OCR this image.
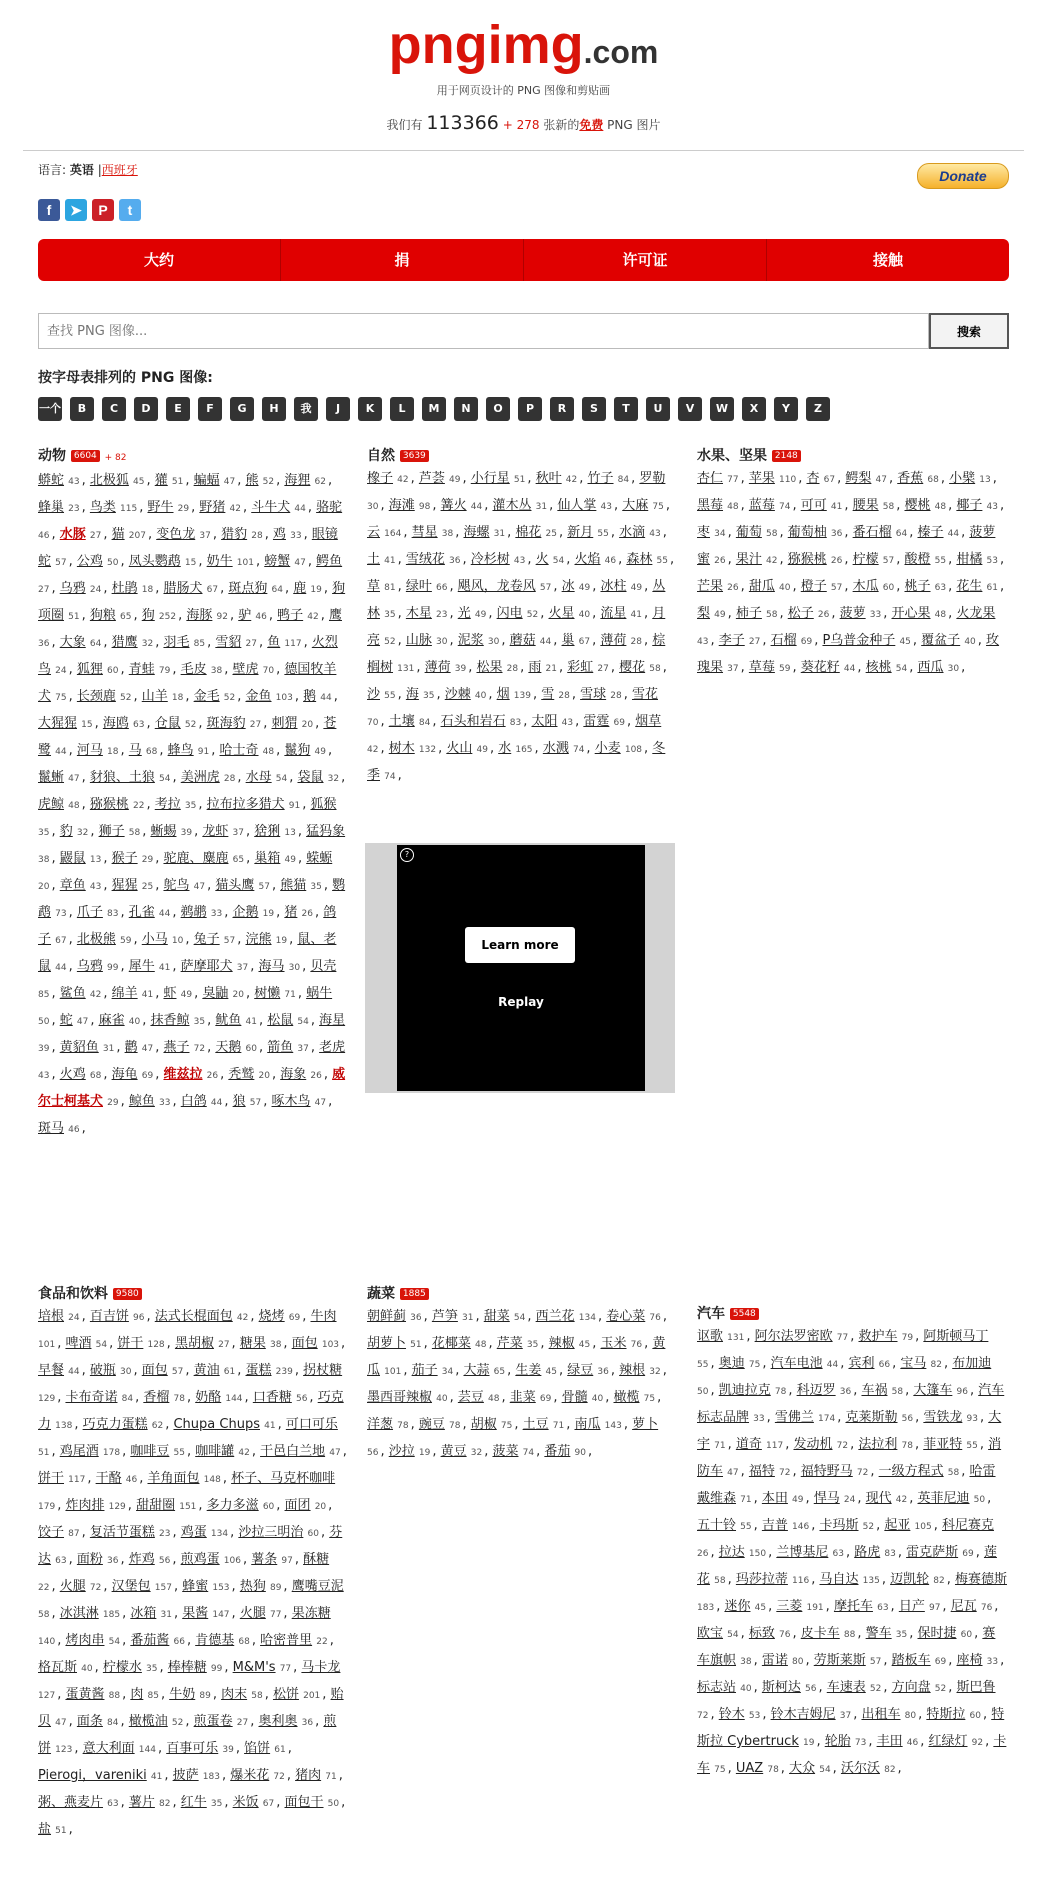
pngimg.com
用于网页设计的 PNG 图像和剪贴画
我们有 113366 + 278 张新的免费 PNG 图片
语言: 英语 |西班牙	Donate
f	➤	P	t
大约	捐	许可证	接触
查找 PNG 图像...
搜索
按字母表排列的 PNG 图像:
一个	B	C	D	E	F	G	H	我	J	K	L	M	N	O	P	R	S	T	U	V	W	X	Y	Z
动物 6604 + 82
蟒蛇 43 , 北极狐 45 , 獾 51 , 蝙蝠 47 , 熊 52 , 海狸 62 , 蜂巢 23 , 鸟类 115 , 野牛 29 , 野猪 42 , 斗牛犬 44 , 骆驼 46 , 水豚 27 , 猫 207 , 变色龙 37 , 猎豹 28 , 鸡 33 , 眼镜蛇 57 , 公鸡 50 , 凤头鹦鹉 15 , 奶牛 101 , 螃蟹 47 , 鳄鱼 27 , 乌鸦 24 , 杜鹃 18 , 腊肠犬 67 , 斑点狗 64 , 鹿 19 , 狗项圈 51 , 狗粮 65 , 狗 252 , 海豚 92 , 驴 46 , 鸭子 42 , 鹰 36 , 大象 64 , 猎鹰 32 , 羽毛 85 , 雪貂 27 , 鱼 117 , 火烈鸟 24 , 狐狸 60 , 青蛙 79 , 毛皮 38 , 壁虎 70 , 德国牧羊犬 75 , 长颈鹿 52 , 山羊 18 , 金毛 52 , 金鱼 103 , 鹅 44 , 大猩猩 15 , 海鸥 63 , 仓鼠 52 , 斑海豹 27 , 刺猬 20 , 苍鹭 44 , 河马 18 , 马 68 , 蜂鸟 91 , 哈士奇 48 , 鬣狗 49 , 鬣蜥 47 , 豺狼、土狼 54 , 美洲虎 28 , 水母 54 , 袋鼠 32 , 虎鲸 48 , 猕猴桃 22 , 考拉 35 , 拉布拉多猎犬 91 , 狐猴 35 , 豹 32 , 狮子 58 , 蜥蜴 39 , 龙虾 37 , 猞猁 13 , 猛犸象 38 , 鼹鼠 13 , 猴子 29 , 驼鹿、麋鹿 65 , 巢箱 49 , 蝾螈 20 , 章鱼 43 , 猩猩 25 , 鸵鸟 47 , 猫头鹰 57 , 熊猫 35 , 鹦鹉 73 , 爪子 83 , 孔雀 44 , 鹈鹕 33 , 企鹅 19 , 猪 26 , 鸽子 67 , 北极熊 59 , 小马 10 , 兔子 57 , 浣熊 19 , 鼠、老鼠 44 , 乌鸦 99 , 犀牛 41 , 萨摩耶犬 37 , 海马 30 , 贝壳 85 , 鲨鱼 42 , 绵羊 41 , 虾 49 , 臭鼬 20 , 树懒 71 , 蜗牛 50 , 蛇 47 , 麻雀 40 , 抹香鲸 35 , 鱿鱼 41 , 松鼠 54 , 海星 39 , 黄貂鱼 31 , 鹳 47 , 燕子 72 , 天鹅 60 , 箭鱼 37 , 老虎 43 , 火鸡 68 , 海龟 69 , 维兹拉 26 , 秃鹫 20 , 海象 26 , 威尔士柯基犬 29 , 鲸鱼 33 , 白鸽 44 , 狼 57 , 啄木鸟 47 , 斑马 46 ,
自然 3639
橡子 42 , 芦荟 49 , 小行星 51 , 秋叶 42 , 竹子 84 , 罗勒 30 , 海滩 98 , 篝火 44 , 灌木丛 31 , 仙人掌 43 , 大麻 75 , 云 164 , 彗星 38 , 海螺 31 , 棉花 25 , 新月 55 , 水滴 43 , 土 41 , 雪绒花 36 , 冷杉树 43 , 火 54 , 火焰 46 , 森林 55 , 草 81 , 绿叶 66 , 飓风，龙卷风 57 , 冰 49 , 冰柱 49 , 丛林 35 , 木星 23 , 光 49 , 闪电 52 , 火星 40 , 流星 41 , 月亮 52 , 山脉 30 , 泥浆 30 , 蘑菇 44 , 巢 67 , 薄荷 28 , 棕榈树 131 , 薄荷 39 , 松果 28 , 雨 21 , 彩虹 27 , 樱花 58 , 沙 55 , 海 35 , 沙棘 40 , 烟 139 , 雪 28 , 雪球 28 , 雪花 70 , 土壤 84 , 石头和岩石 83 , 太阳 43 , 雷霆 69 , 烟草 42 , 树木 132 , 火山 49 , 水 165 , 水溅 74 , 小麦 108 , 冬季 74 ,
水果、坚果 2148
杏仁 77 , 苹果 110 , 杏 67 , 鳄梨 47 , 香蕉 68 , 小檗 13 , 黑莓 48 , 蓝莓 74 , 可可 41 , 腰果 58 , 樱桃 48 , 椰子 43 , 枣 34 , 葡萄 58 , 葡萄柚 36 , 番石榴 64 , 榛子 44 , 菠萝蜜 26 , 果汁 42 , 猕猴桃 26 , 柠檬 57 , 酸橙 55 , 柑橘 53 , 芒果 26 , 甜瓜 40 , 橙子 57 , 木瓜 60 , 桃子 63 , 花生 61 , 梨 49 , 柿子 58 , 松子 26 , 菠萝 33 , 开心果 48 , 火龙果 43 , 李子 27 , 石榴 69 , P乌普金种子 45 , 覆盆子 40 , 玫瑰果 37 , 草莓 59 , 葵花籽 44 , 核桃 54 , 西瓜 30 ,
食品和饮料 9580
培根 24 , 百吉饼 96 , 法式长棍面包 42 , 烧烤 69 , 牛肉 101 , 啤酒 54 , 饼干 128 , 黑胡椒 27 , 糖果 38 , 面包 103 , 早餐 44 , 破瓶 30 , 面包 57 , 黄油 61 , 蛋糕 239 , 拐杖糖 129 , 卡布奇诺 84 , 香榴 78 , 奶酪 144 , 口香糖 56 , 巧克力 138 , 巧克力蛋糕 62 , Chupa Chups 41 , 可口可乐 51 , 鸡尾酒 178 , 咖啡豆 55 , 咖啡罐 42 , 干邑白兰地 47 , 饼干 117 , 干酪 46 , 羊角面包 148 , 杯子、马克杯咖啡 179 , 炸肉排 129 , 甜甜圈 151 , 多力多滋 60 , 面团 20 , 饺子 87 , 复活节蛋糕 23 , 鸡蛋 134 , 沙拉三明治 60 , 芬达 63 , 面粉 36 , 炸鸡 56 , 煎鸡蛋 106 , 薯条 97 , 酥糖 22 , 火腿 72 , 汉堡包 157 , 蜂蜜 153 , 热狗 89 , 鹰嘴豆泥 58 , 冰淇淋 185 , 冰箱 31 , 果酱 147 , 火腿 77 , 果冻糖 140 , 烤肉串 54 , 番茄酱 66 , 肯德基 68 , 哈密普里 22 , 格瓦斯 40 , 柠檬水 35 , 棒棒糖 99 , M&M's 77 , 马卡龙 127 , 蛋黄酱 88 , 肉 85 , 牛奶 89 , 肉末 58 , 松饼 201 , 贻贝 47 , 面条 84 , 橄榄油 52 , 煎蛋卷 27 , 奥利奥 36 , 煎饼 123 , 意大利面 144 , 百事可乐 39 , 馅饼 61 , Pierogi，vareniki 41 , 披萨 183 , 爆米花 72 , 猪肉 71 , 粥、燕麦片 63 , 薯片 82 , 红牛 35 , 米饭 67 , 面包干 50 , 盐 51 ,
蔬菜 1885
朝鲜蓟 36 , 芦笋 31 , 甜菜 54 , 西兰花 134 , 卷心菜 76 , 胡萝卜 51 , 花椰菜 48 , 芹菜 35 , 辣椒 45 , 玉米 76 , 黄瓜 101 , 茄子 34 , 大蒜 65 , 生姜 45 , 绿豆 36 , 辣根 32 , 墨西哥辣椒 40 , 芸豆 48 , 韭菜 69 , 骨髓 40 , 橄榄 75 , 洋葱 78 , 豌豆 78 , 胡椒 75 , 土豆 71 , 南瓜 143 , 萝卜 56 , 沙拉 19 , 黄豆 32 , 菠菜 74 , 番茄 90 ,
汽车 5548
讴歌 131 , 阿尔法罗密欧 77 , 救护车 79 , 阿斯顿马丁 55 , 奥迪 75 , 汽车电池 44 , 宾利 66 , 宝马 82 , 布加迪 50 , 凯迪拉克 78 , 科迈罗 36 , 车祸 58 , 大篷车 96 , 汽车标志品牌 33 , 雪佛兰 174 , 克莱斯勒 56 , 雪铁龙 93 , 大宇 71 , 道奇 117 , 发动机 72 , 法拉利 78 , 菲亚特 55 , 消防车 47 , 福特 72 , 福特野马 72 , 一级方程式 58 , 哈雷戴维森 71 , 本田 49 , 悍马 24 , 现代 42 , 英菲尼迪 50 , 五十铃 55 , 吉普 146 , 卡玛斯 52 , 起亚 105 , 科尼赛克 26 , 拉达 150 , 兰博基尼 63 , 路虎 83 , 雷克萨斯 69 , 莲花 58 , 玛莎拉蒂 116 , 马自达 135 , 迈凯轮 82 , 梅赛德斯 183 , 迷你 45 , 三菱 191 , 摩托车 63 , 日产 97 , 尼瓦 76 , 欧宝 54 , 标致 76 , 皮卡车 88 , 警车 35 , 保时捷 60 , 赛车旗帜 38 , 雷诺 80 , 劳斯莱斯 57 , 踏板车 69 , 座椅 33 , 标志站 40 , 斯柯达 56 , 车速表 52 , 方向盘 52 , 斯巴鲁 72 , 铃木 53 , 铃木吉姆尼 37 , 出租车 80 , 特斯拉 60 , 特斯拉 Cybertruck 19 , 轮胎 73 , 丰田 46 , 红绿灯 92 , 卡车 75 , UAZ 78 , 大众 54 , 沃尔沃 82 ,
?
Learn more
Replay
